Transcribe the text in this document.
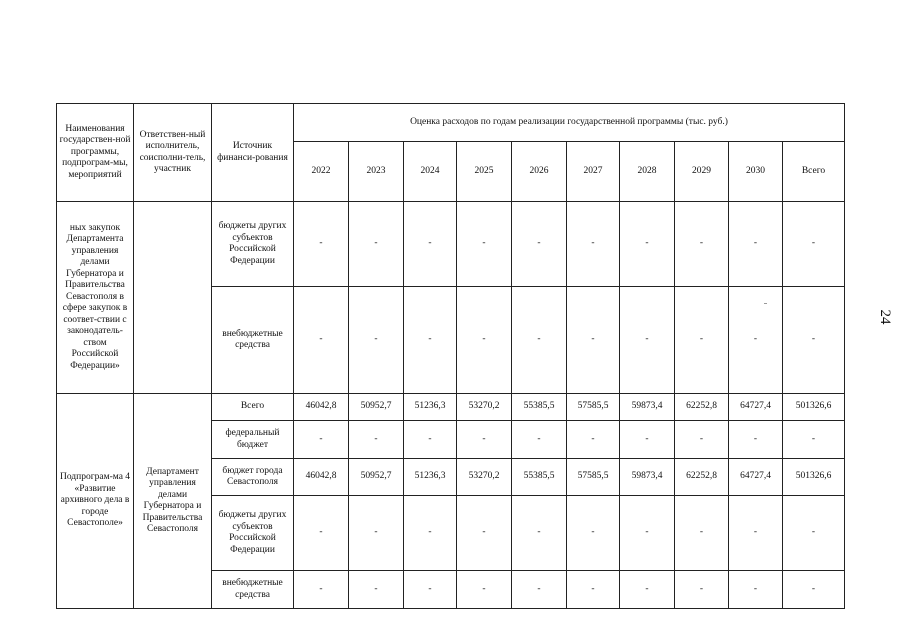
24
Наименования государствен-ной программы, подпрограм-мы, мероприятий	Ответствен-ный исполнитель, соисполни-тель, участник	Источник финанси-рования	Оценка расходов по годам реализации государственной программы (тыс. руб.)									
			2022	2023	2024	2025	2026	2027	2028	2029	2030	Всего
ных закупок Департамента управления делами Губернатора и Правительства Севастополя в сфере закупок в соответ-ствии с законодатель-ством Российской Федерации»		бюджеты других субъектов Российской Федерации	-	-	-	-	-	-	-	-	-	-
		внебюджетные средства	-	-	-	-	-	-	-	-	-	-
Подпрограм-ма 4 «Развитие архивного дела в городе Севастополе»	Департамент управления делами Губернатора и Правительства Севастополя	Всего	46042,8	50952,7	51236,3	53270,2	55385,5	57585,5	59873,4	62252,8	64727,4	501326,6
		федеральный бюджет	-	-	-	-	-	-	-	-	-	-
		бюджет города Севастополя	46042,8	50952,7	51236,3	53270,2	55385,5	57585,5	59873,4	62252,8	64727,4	501326,6
		бюджеты других субъектов Российской Федерации	-	-	-	-	-	-	-	-	-	-
		внебюджетные средства	-	-	-	-	-	-	-	-	-	-
